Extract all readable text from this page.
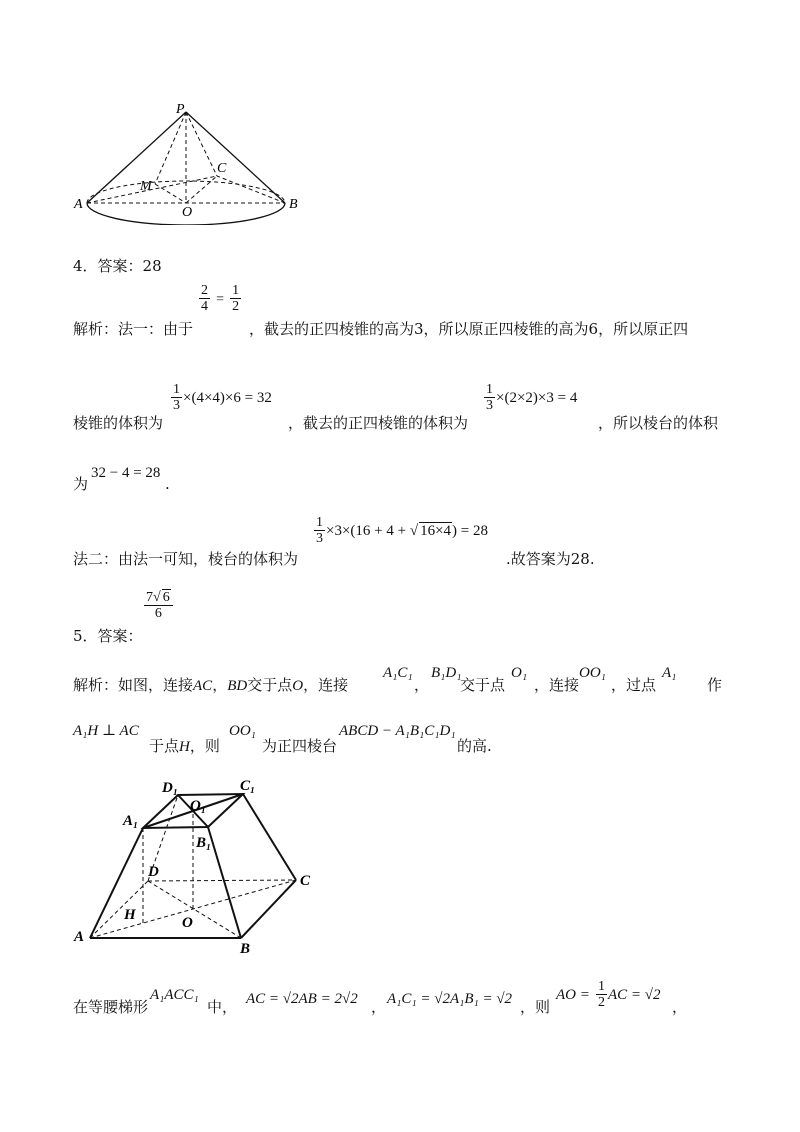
P
C
M
A
O
B
4．答案：28
$\frac{2}{4} = \frac{1}{2}$
解析：法一：由于	，截去的正四棱锥的高为3，所以原正四棱锥的高为6，所以原正四
$\frac{1}{3} \times(4\times 4)\times 6 = 32$	$\frac{1}{3} \times(2\times 2)\times 3 = 4$
棱锥的体积为	，截去的正四棱锥的体积为	，所以棱台的体积
为
32 − 4 = 28
.
$\frac{1}{3} \times 3\times(16 + 4$ + √ 16×4) = 28
法二：由法一可知，棱台的体积为	.故答案为28.
$\frac{7√ 6}{6}$
5．答案：
解析：如图，连接AC，BD交于点O，连接
A₁C₁
，
B₁D₁
交于点
O₁
，连接
OO₁
，过点
A₁
作
A₁H ⊥ AC
于点H，则
OO₁
为正四棱台
ABCD − A₁B₁C₁D₁
的高.
D₁	C₁
O₁
A₁
B₁
D
C
H	O
A
B
在等腰梯形
A₁ACC₁
中， AC = √2AB = 2√2 ， A₁C₁ = √2A₁B₁ = √2 ，则
AO = $\frac{1}{2}$ AC = √2
，
